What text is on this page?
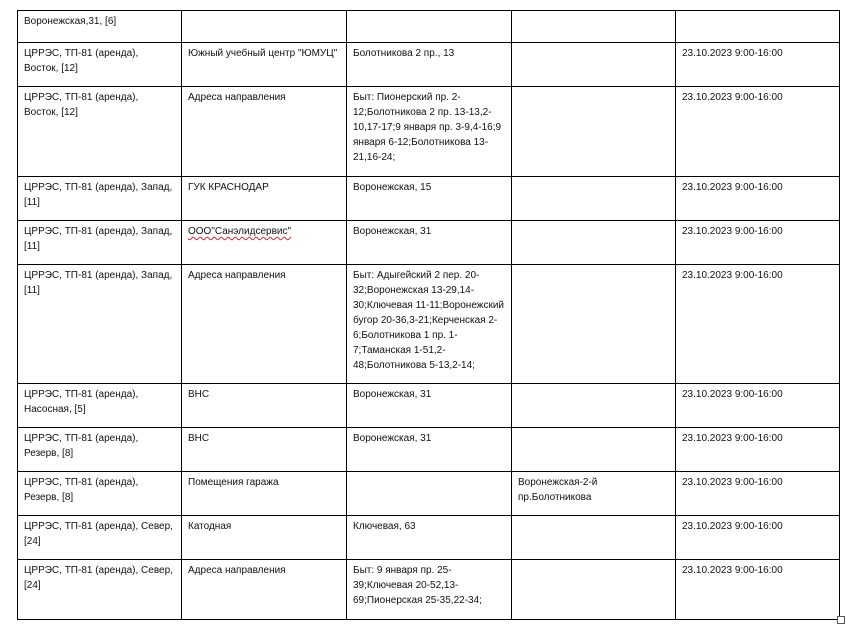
Воронежская,31, [6]				
ЦРРЭС, ТП-81 (аренда), Восток, [12]	Южный учебный центр "ЮМУЦ"	Болотникова 2 пр., 13		23.10.2023 9:00-16:00
ЦРРЭС, ТП-81 (аренда), Восток, [12]	Адреса направления	Быт: Пионерский пр. 2-12;Болотникова 2 пр. 13-13,2-10,17-17;9 января пр. 3-9,4-16;9 января 6-12;Болотникова 13-21,16-24;		23.10.2023 9:00-16:00
ЦРРЭС, ТП-81 (аренда), Запад, [11]	ГУК КРАСНОДАР	Воронежская, 15		23.10.2023 9:00-16:00
ЦРРЭС, ТП-81 (аренда), Запад, [11]	ООО"Санэлидсервис"	Воронежская, 31		23.10.2023 9:00-16:00
ЦРРЭС, ТП-81 (аренда), Запад, [11]	Адреса направления	Быт: Адыгейский 2 пер. 20-32;Воронежская 13-29,14-30;Ключевая 11-11;Воронежский бугор 20-36,3-21;Керченская 2-6;Болотникова 1 пр. 1-7;Таманская 1-51,2-48;Болотникова 5-13,2-14;		23.10.2023 9:00-16:00
ЦРРЭС, ТП-81 (аренда), Насосная, [5]	ВНС	Воронежская, 31		23.10.2023 9:00-16:00
ЦРРЭС, ТП-81 (аренда), Резерв, [8]	ВНС	Воронежская, 31		23.10.2023 9:00-16:00
ЦРРЭС, ТП-81 (аренда), Резерв, [8]	Помещения гаража		Воронежская-2-й пр.Болотникова	23.10.2023 9:00-16:00
ЦРРЭС, ТП-81 (аренда), Север, [24]	Катодная	Ключевая, 63		23.10.2023 9:00-16:00
ЦРРЭС, ТП-81 (аренда), Север, [24]	Адреса направления	Быт: 9 января пр. 25-39;Ключевая 20-52,13-69;Пионерская 25-35,22-34;		23.10.2023 9:00-16:00
